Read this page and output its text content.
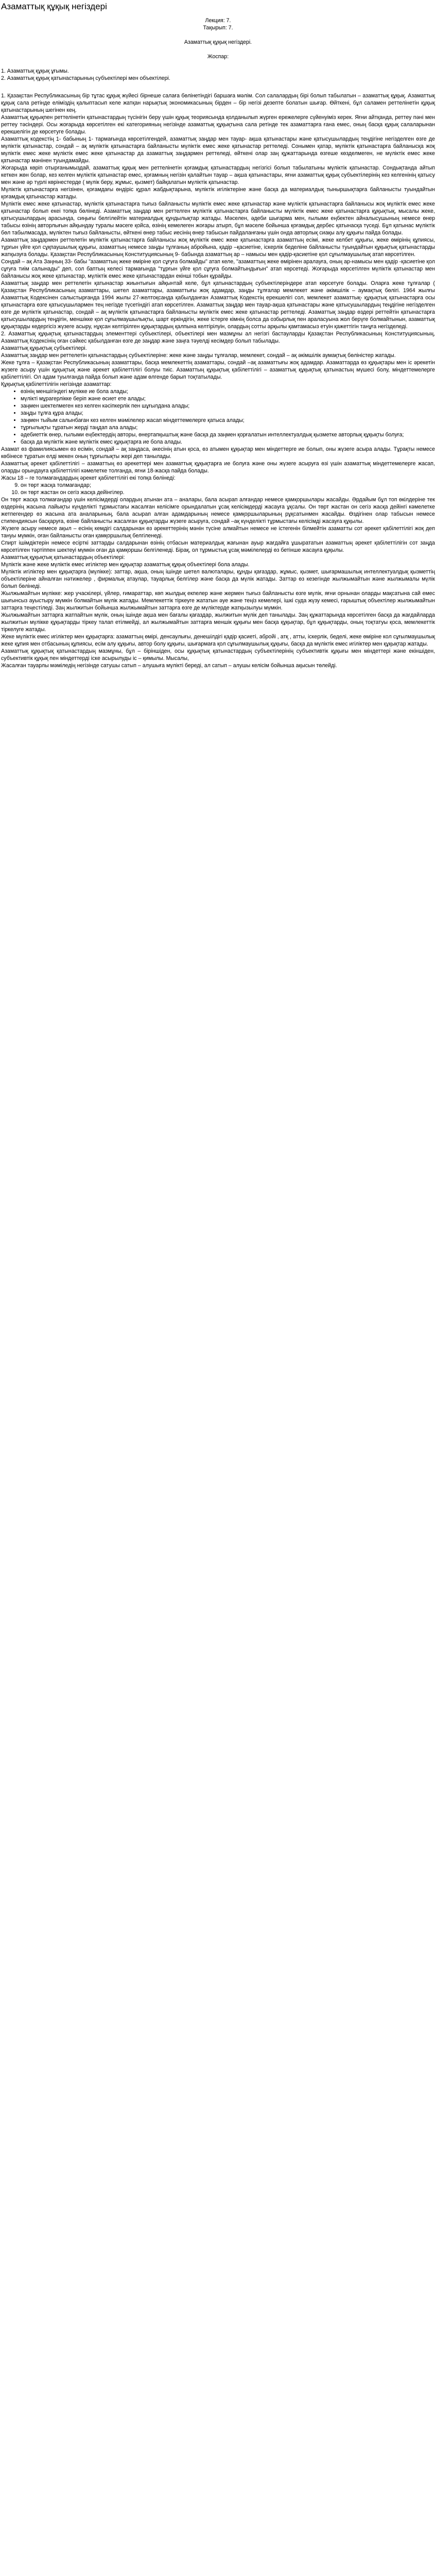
Азаматтық құқық негіздері
Лекция: 7.
Тақырып: 7.
Азаматтық құқық негіздері.
Жоспар:
1. Азаматтық құқық ұғымы.
2. Азаматтық құқық қатынастарының субъектілері мен объектілері.

1. Қазақстан Республикасының бір тұтас құқық жүйесі бірнеше салаға бөлінетіндігі баршаға мәлім. Сол салалардың бірі болып табылатын – азаматтық құқық. Азаматтық құқық сала ретінде еліміздің қалыптасып келе жатқан нарықтық экономикасының бірден – бір негізі дезепте болатын шығар. Өйткені, бұл саламен реттелінетін құқық қатынастарының шегінен кең.

Азаматтық құқықпен реттелінетін қатынастардың түсінігін беру үшін құқық теориясында қолданылып жүрген ережелерге сүйенуіміз керек. Яғни айтқанда, реттеу пәні мен реттеу тәсіндері. Осы жоғарыда көрсетілген екі категорияның негізінде азаматтық құқықтына сала ретінде тек азаматтарға ғана емес, оның басқа құқық салаларынан ерекшелігін де көрсетуге болады.

Азаматтық кодекстің 1- бабының 1- тармағында көрсетілгендей, азаматтық заңдар мен тауар- ақша қатынастары және қатысушылардың теңдігіне негізделген өзге де мүліктік қатынастар, сондай – ақ мүліктік қатынастарға байланысты мүліктік емес жеке қатынастар реттеледі. Сонымен қатар, мүліктік қатынастарға байланысқа жоқ мүліктік емес жеке мүліктік емес жеке қатынастар да азаматтық заңдармен реттеледі, өйткені олар заң құжаттарында өзгеше көзделмеген, не мүліктік емес жеке қатынастар мәнінен туындамайды.

Жоғарыда көріп отырғанымыздай, азаматтық құқық мен реттелінетін қоғамдық қатынастардың негізгісі болып табылатыны мүліктік қатынастар. Сондықтанда айтып кеткен жөн болар, кез келген мүліктік қатынастар емес, қоғамның негізін қалайтын тауар – ақша қатынастары, яғни азаматтық құқық субъектілерінің кез келгенінің қатысу мен және әр түрлі көрінестерде ( мүлік беру, жұмыс, қызмет) байқалатын мүліктік қатынастар.

Мүліктік қатынастарға негізінен, қоғамдағы өндіріс құрал жабдықтарына, мүліктік игіліктеріне және басқа да материалдық тыныршықтарға байланысты туындайтын қоғамдық қатынастар жатады.

Мүліктік емес жеке қатынастар, мүліктік қатынастарға тығыз байланысты мүліктік емес жеке қатынастар және мүліктік қатынастарға байланысы жоқ мүліктік емес жеке қатынастар болып екеі топқа бөлінеді. Азаматтық заңдар мен реттелген мүліктік қатынастарға байланысты мүліктік емес жеке қатынастарға құқықтық, мысалы жеке, қатысушылардың арасында, сиңығы белгілейтін материалдық құндылықтар жатады. Мәселен, әдеби шығарма мен, ғылыми еңбектен айналысушының немесе өнер табысы өзінің авторлығын айқындау туралы мәсеге қойса, өзінің кемелеген жоғары атырп, бұл мәселе бойынша қоғамдық дербес қатынасқа түседі. Бұл қатынас мүліктік бөл табылмасада, мүліктен тығыз байланысты, өйткені өнер табыс иесінің өнер табысын пайдаланғаны үшін онда авторлық сиақы алу құқығы пайда болады.

Азаматтық заңдармен реттелетін мүліктік қатынастарға байланысы жоқ мүліктік емес жеке қатынастарға азаматтың есімі, жеке келбет құқығы, жеке өмірінің құпиясы, тұрғын үйге қол сұқпаушылық құқығы, азаматтың немесе заңды тұлғаның абройына, қадір –қасиетіне, іскерлік беделіне байланысты туындайтын құқықтық қатынастарды жатқызуға болады. Қазақстан Республикасының Конституциясының 9- бабында азаматтың ар – намысы мен қадір-қасиетіне қол сұғылмаушылық атап көрсетілген.

Сондай – ақ Ата Заңның 33- бабы "азаматтың жеке өміріне қол сұғуға болмайды" атап келе, "азаматтың жеке өмірінен аралауға, оның ар-намысы мен қадір -қасиетіне қол сұғуға тиім салынады" деп, сол баптың келесі тармағында "тұрғын үйге қол сұғуға болмайтындығын" атап көрсетеді. Жоғарыда көрсетілген мүліктік қатынастар мен байланысы жоқ жеке қатынастар, мүліктік емес жеке қатынастардан екінші тобын құрайды.

Азаматтық заңдар мен реттелетін қатынастар жиынтығын айқынтай келе, бұл қатынастардың субъектілеріндере атап көрсетуге болады. Оларға жеке тұлғалар ( Қазақстан Республикасының азаматтары, шетел азаматтары, азаматтығы жоқ адамдар, заңды тұлғалар мемлекет және әкімшілік – аумақтық бөлігі. 1964 жылғы Азаматтық Кодексінен салыстырғанда 1994 жылы 27-желтоқсанда қабылданған Азаматтық Кодекстің ерекшелігі сол, мемлекет азаматтық- құқықтық қатынастарға осы қатынастарға өзге қатысушылармен тең негізде түсетіндігі атап көрсетілген. Азаматтық заңдар мен тауар-ақша қатынастары және қатысушылардың теңдігіне негізделген өзге де мүліктік қатынастар, сондай – ақ мүліктік қатынастарға байланысты мүліктік емес жеке қатынастар реттеледі. Азаматтық заңдар өздері реттейтін қатынастарға қатысушылардың теңдігін, меншікке қол сұғылмаушылықты, шарт еркіндігін, жеке істерге кімнің болса да озбырлық пен араласуына жол берүге болмайтынын, азаматтық құқықтарды кедергісіз жүзеге асыру, нұқсан келтірілген құқықтардың қалпына келтірілуін, олардың сотты арқылы қамтамасыз етуін қажеттігін танұға негізделеді.

2. Азаматтық құқықтық қатынастардың элементтері субъектілері, объектілері мен мазмұны ал негізгі бастауларды Қазақстан Республикасының Конституциясының, Азаматтық Кодексінің оған сәйкес қабылданған өзге де заңдар және заңға тәуелді кесімдер болып табылады.

Азаматтық құқықтық субъектілері.

Азаматтық заңдар мен реттелетін қатынастардың субъектілеріне: жеке және заңды тұлғалар, мемлекет, сондай – ақ әкімшілік аумақтық бөліністер жатады.

Жеке тұлға – Қазақстан Республикасының азаматтары, басқа мемлекеттің азаматтары, сондай –ақ азаматтығы жоқ адамдар. Азаматтарда өз құқықтары мен іс әрекетін жүзеге асыру үшін құқықтық және әрекет қабілеттілігі болуы тиіс. Азаматтың құқықтық қабілеттілігі – азаматтық құқықтық қатынастың мүшесі болу, міндеттемелерге қабілеттілігі. Ол адам туылғанда пайда болып және адам өлгенде барып тоқтатылады.

Құқықтық қабілеттілігін негізінде азаматтар:

• өзінің меншігіндегі мүлікке ие бола алады;
• мүлікті мұрагерлікке беріп және өсиет ете алады;
• заңмен шектелмеген кез келген кәсіпкерлік пен шұғылдана алады;
• заңды тұлға құра алады;
• заңмен тыйым салынбаған кез келген мәмілелер жасап міндеттемелерге қатыса алады;
• тұрғылықты тұратын жерді таңдап ала алады;
• әдебиеттік өнер, ғылыми еңбектердің авторы, өнертапқыштық және басқа да заңмен қорғалатын интеллектуалдық қызметке авторлық құқықты болуға;
• басқа да мүліктік және мүліктік емес құқықтарға ие бола алады.

Азамат өз фамилиясымен өз есімін, сондай – ақ заңдаса, әкесінің атын қоса, өз атымен құқықтар мен міндеттерге ие болып, оны жүзеге асыра алады. Тұрақты немесе көбінесе тұратын елді мекен оның тұрғылықты жері деп танылады.

Азаматтық әрекет қабілеттілігі – азаматтың өз әрекеттері мен азаматтық құқықтарға ие болуға және оны жүзеге асыруға өзі үшін азаматтық міндеттемелерге жасап, оларды орындауға қабілеттілігі кәмелетке толғанда, яғни 18-жасқа пайда болады.

Жасы 18 – ге толмағандардың әрекет қабілеттілігі екі топқа бөлінеді:

9. он төрт жасқа толмағандар;
10. он төрт жастан он сегіз жасқа дейінгілер.

Он төрт жасқа толмағандар үшін келісімдерді олардың атынан ата – аналары, бала асырап алғандар немесе қамқоршылары жасайды. Әрдайым бұл топ өкілдеріне тек өздерінің жасына лайықты күнделікті тұрмыстағы жасалған келісімге орындалатын ұсақ келісімдерді жасауға ұқсалы. Он төрт жастан он сегіз жасқа дейінгі кәмелетке жетпегендер өз жасына ата аналарының, бала асырап алған адамдарының немесе қамқоршыларының рұқсатынмен жасайды. Өздігінен олар табысын немесе стипендиясын басқаруға, өзіне байланысты жасалған құқықтарды жүзеге асыруға, сондай –ақ күнделікті тұрмыстағы келісімді жасауға құқылы.

Жүзеге асыру немесе ақыл – есінің кемдігі салдарынан өз әрекеттерінің мәнін түсіне алмайтын немесе не істегенін білмейтін азаматты сот әрекет қабілеттілігі жоқ деп тануы мүмкін, оған байланысты оған қамқоршылық белгіленеді.

Спирт ішімдіктерін немесе есірткі заттарды салдарынан өзінің отбасын материалдық жағынан ауыр жағдайға ұшырататын азаматтың әрекет қабілеттілігін сот заңда көрсетілген тәртіппен шектеуі мүмкін оған да қамқоршы белгіленеді. Бірақ, ол тұрмыстық ұсақ мәмілелерді өз бетінше жасауға құқылы.

Азаматтық құқықтық қатынастардың объектілері:

Мүліктік және жеке мүліктік емес игіліктер мен құқықтар азаматтық құқық объектілері бола алады.

Мүліктік игіліктер мен құқықтарға (мүлікке): заттар, ақша, оның ішінде шетел валюталары, құнды қағаздар, жұмыс, қызмет, шығармашылық интеллектуалдық қызметтің объектілеріне айналған нәтижелер , фирмалық атаулар, тауарлық белгілер және басқа да мүлік жатады. Заттар өз кезегінде жылжымайтын және жылжымалы мүлік болып бөлінеді.

Жылжымайтын мүлікке: жер учаскілері, үйлер, ғимараттар, көп жылдық екпелер және жермен тығыз байланысты өзге мүлік, яғни орнынан оларды мақсатына сай емес шығынсыз ауыстыру мүмкін болмайтын мүлік жатады. Мемлекеттік тіркеуге жататын әуе және теңіз кемелері, ішкі суда жүзу кемесі, ғарыштық объектілер жылжымайтын заттарға теңестіледі. Заң жылжитын бойынша жылжымайтын заттарға өзге де мүліктерде жатқызылуы мүмкін.

Жылжымайтын заттарға жатпайтын мүлік, оның ішінде ақша мен бағалы қағаздар, жылжитын мүлік деп танылады. Заң құжаттарында көрсетілген басқа да жағдайларда жылжитын мүлікке құқықтарды тіркеу талап етілмейді, ал жылжымайтын заттарға меншік құқығы мен басқа құқықтар, бұл құқықтарды, оның тоқтатуы қоса, мемлекеттік тіркелуге жатады.

Жеке мүліктік емес игіліктер мен құқықтарға: азаматтың өмірі, денсаулығы, денешілдігі қадір қасиеті, абройі , атқ , атты, іскерлік, беделі, жеке өміріне кол сұғылмаушылық жеке құпия мен отбасының құпиясы, есім алу құқығы, автор болу құқығы, шығармаға қол сұғылмаушылық құқығы, басқа да мүліктік емес игіліктер мен құқықтар жатады.

Азаматтық құқықтық қатынастардың мазмұны, бұл – біріншіден, осы құқықтық қатынастардың субъектілерінің субъективтік құқығы мен міндеттері және екіншіден, субъективтік құқық пен міндеттерді іске асырылуды іс – қимылы. Мысалы,

Жасалған тауарлы мәміледің негізінде сатушы сатып – алушыға мүлікті береді, ал сатып – алушы келісім бойынша ақысын төлейді.
